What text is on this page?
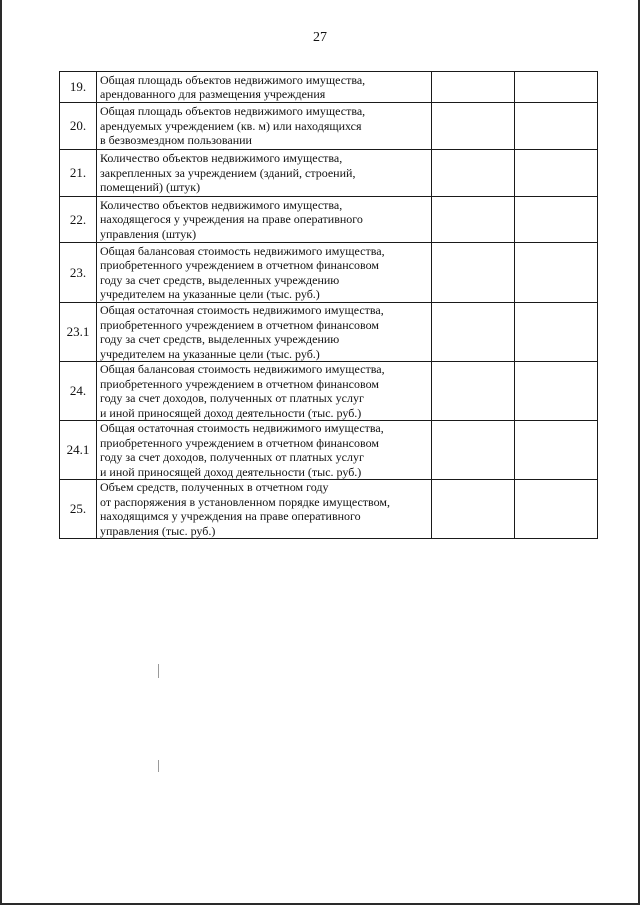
27
19.	Общая площадь объектов недвижимого имущества,
арендованного для размещения учреждения		

20.	Общая площадь объектов недвижимого имущества,
арендуемых учреждением (кв. м) или находящихся
в безвозмездном пользовании		

21.	Количество объектов недвижимого имущества,
закрепленных за учреждением (зданий, строений,
помещений) (штук)		

22.	Количество объектов недвижимого имущества,
находящегося у учреждения на праве оперативного
управления (штук)		

23.	Общая балансовая стоимость недвижимого имущества,
приобретенного учреждением в отчетном финансовом
году за счет средств, выделенных учреждению
учредителем на указанные цели (тыс. руб.)		

23.1	Общая остаточная стоимость недвижимого имущества,
приобретенного учреждением в отчетном финансовом
году за счет средств, выделенных учреждению
учредителем на указанные цели (тыс. руб.)		

24.	Общая балансовая стоимость недвижимого имущества,
приобретенного учреждением в отчетном финансовом
году за счет доходов, полученных от платных услуг
и иной приносящей доход деятельности (тыс. руб.)		

24.1	Общая остаточная стоимость недвижимого имущества,
приобретенного учреждением в отчетном финансовом
году за счет доходов, полученных от платных услуг
и иной приносящей доход деятельности (тыс. руб.)		

25.	Объем средств, полученных в отчетном году
от распоряжения в установленном порядке имуществом,
находящимся у учреждения на праве оперативного
управления (тыс. руб.)		
